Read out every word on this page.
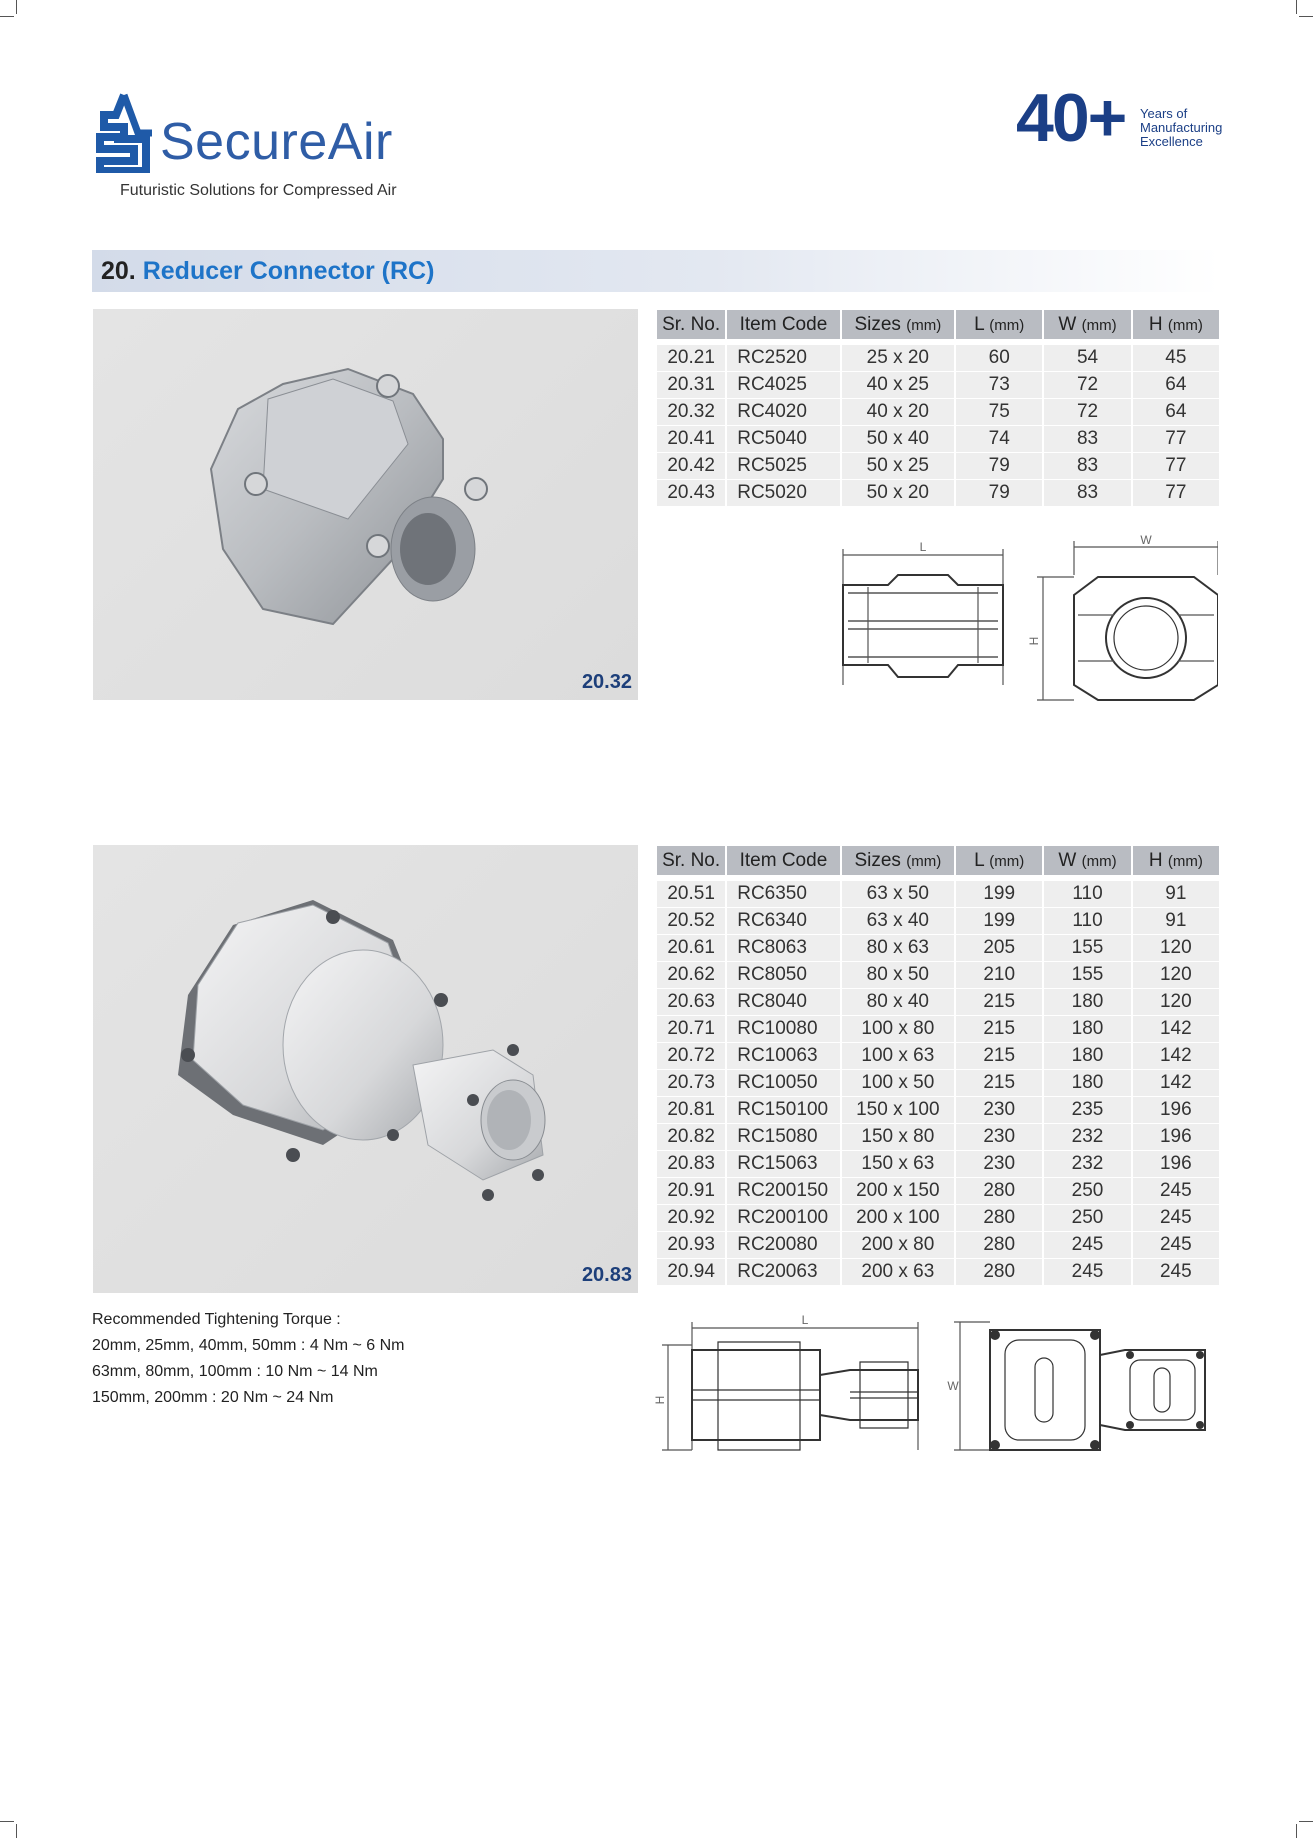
SecureAir
Futuristic Solutions for Compressed Air
40+ Years of
Manufacturing
Excellence
20. Reducer Connector (RC)
20.32
Sr. No.	Item Code	Sizes (mm)	L (mm)	W (mm)	H (mm)

20.21	RC2520	25 x 20	60	54	45
20.31	RC4025	40 x 25	73	72	64
20.32	RC4020	40 x 20	75	72	64
20.41	RC5040	50 x 40	74	83	77
20.42	RC5025	50 x 25	79	83	77
20.43	RC5020	50 x 20	79	83	77
L	W
H
20.83
Sr. No.	Item Code	Sizes (mm)	L (mm)	W (mm)	H (mm)

20.51	RC6350	63 x 50	199	110	91
20.52	RC6340	63 x 40	199	110	91
20.61	RC8063	80 x 63	205	155	120
20.62	RC8050	80 x 50	210	155	120
20.63	RC8040	80 x 40	215	180	120
20.71	RC10080	100 x 80	215	180	142
20.72	RC10063	100 x 63	215	180	142
20.73	RC10050	100 x 50	215	180	142
20.81	RC150100	150 x 100	230	235	196
20.82	RC15080	150 x 80	230	232	196
20.83	RC15063	150 x 63	230	232	196
20.91	RC200150	200 x 150	280	250	245
20.92	RC200100	200 x 100	280	250	245
20.93	RC20080	200 x 80	280	245	245
20.94	RC20063	200 x 63	280	245	245
Recommended Tightening Torque :
20mm, 25mm, 40mm, 50mm : 4 Nm ~ 6 Nm
63mm, 80mm, 100mm : 10 Nm ~ 14 Nm
150mm, 200mm : 20 Nm ~ 24 Nm
L
W
H
